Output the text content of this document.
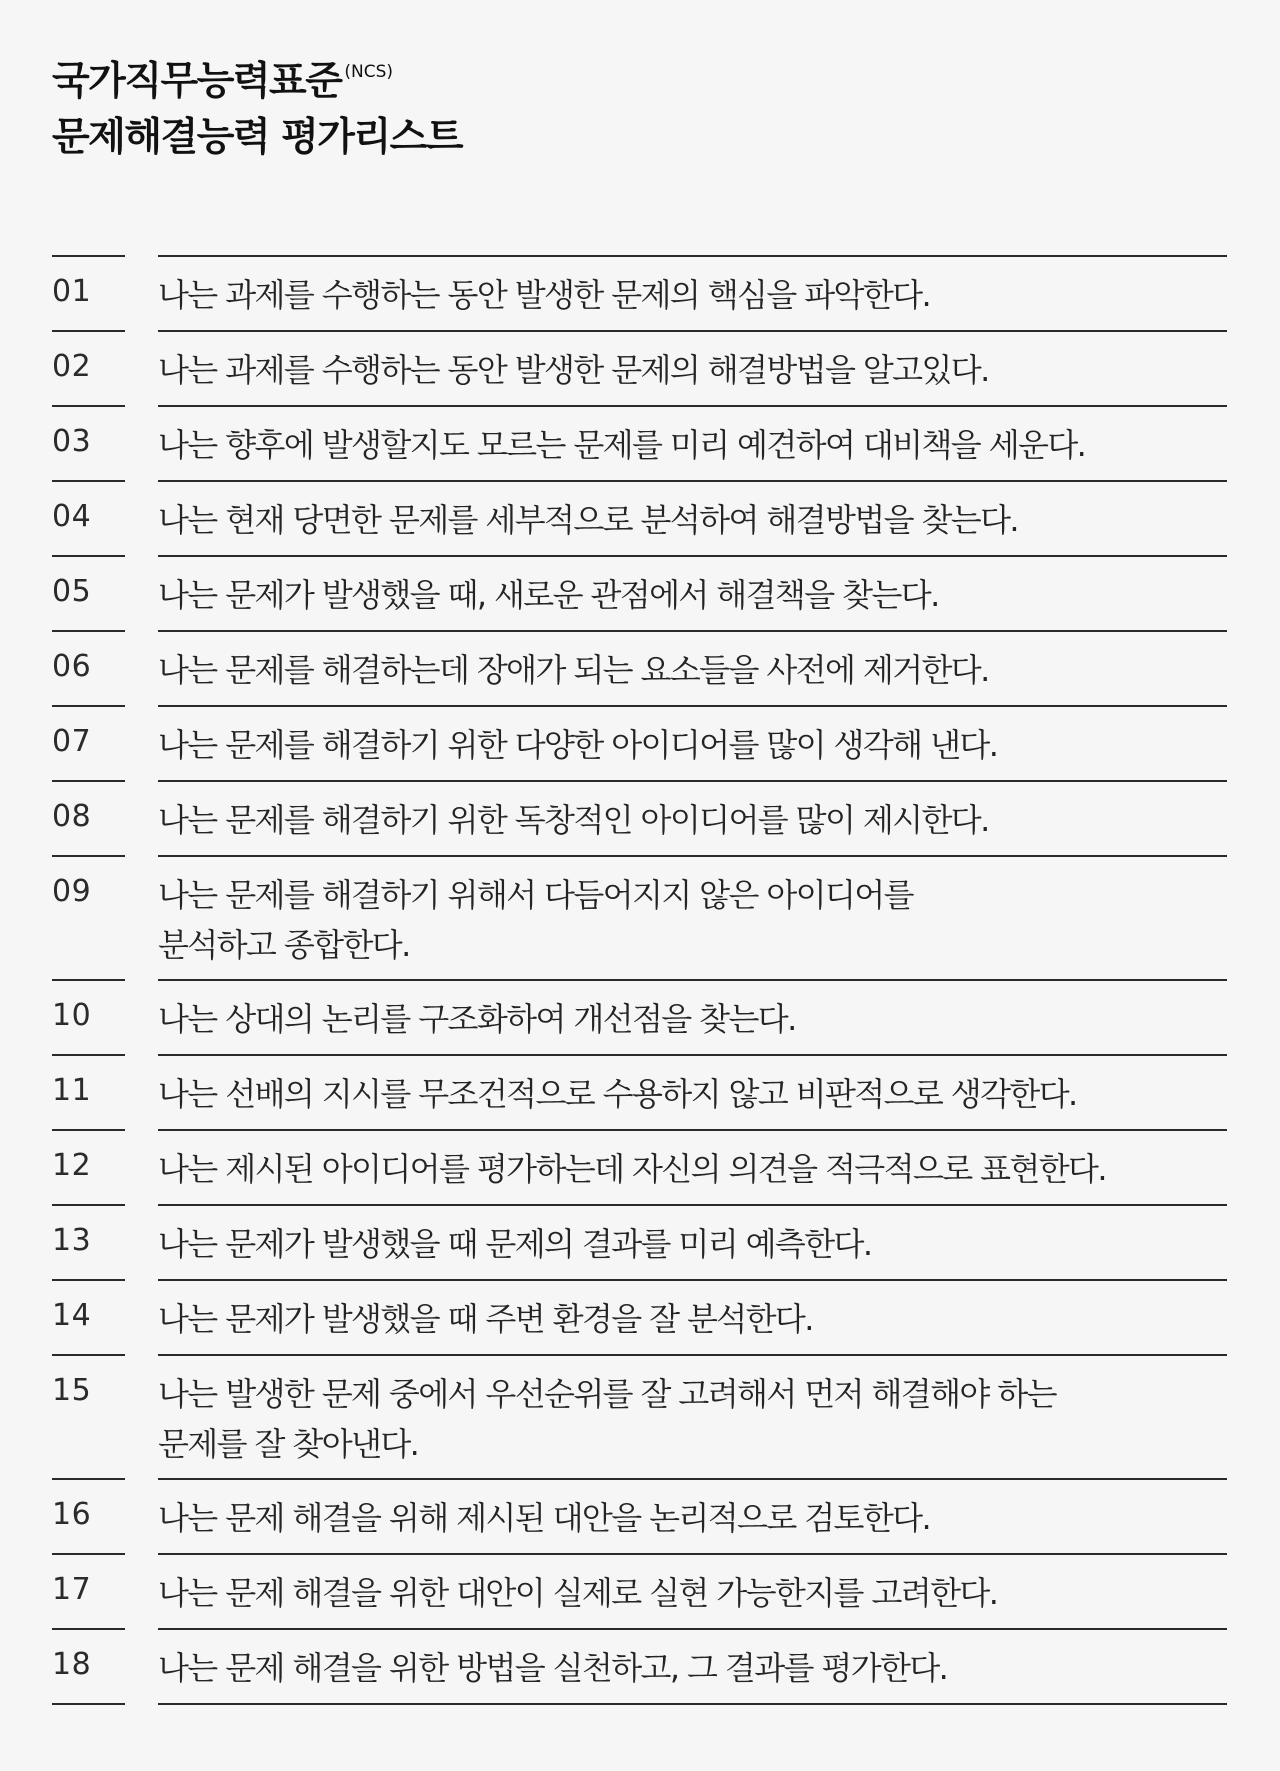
국가직무능력표준 $^{(NCS)}$
문제해결능력 평가리스트
01 나는 과제를 수행하는 동안 발생한 문제의 핵심을 파악한다.
02 나는 과제를 수행하는 동안 발생한 문제의 해결방법을 알고있다.
03 나는 향후에 발생할지도 모르는 문제를 미리 예견하여 대비책을 세운다.
04 나는 현재 당면한 문제를 세부적으로 분석하여 해결방법을 찾는다.
05 나는 문제가 발생했을 때, 새로운 관점에서 해결책을 찾는다.
06 나는 문제를 해결하는데 장애가 되는 요소들을 사전에 제거한다.
07 나는 문제를 해결하기 위한 다양한 아이디어를 많이 생각해 낸다.
08 나는 문제를 해결하기 위한 독창적인 아이디어를 많이 제시한다.
09 나는 문제를 해결하기 위해서 다듬어지지 않은 아이디어를
분석하고 종합한다.
10 나는 상대의 논리를 구조화하여 개선점을 찾는다.
11 나는 선배의 지시를 무조건적으로 수용하지 않고 비판적으로 생각한다.
12 나는 제시된 아이디어를 평가하는데 자신의 의견을 적극적으로 표현한다.
13 나는 문제가 발생했을 때 문제의 결과를 미리 예측한다.
14 나는 문제가 발생했을 때 주변 환경을 잘 분석한다.
15 나는 발생한 문제 중에서 우선순위를 잘 고려해서 먼저 해결해야 하는
문제를 잘 찾아낸다.
16 나는 문제 해결을 위해 제시된 대안을 논리적으로 검토한다.
17 나는 문제 해결을 위한 대안이 실제로 실현 가능한지를 고려한다.
18 나는 문제 해결을 위한 방법을 실천하고, 그 결과를 평가한다.
